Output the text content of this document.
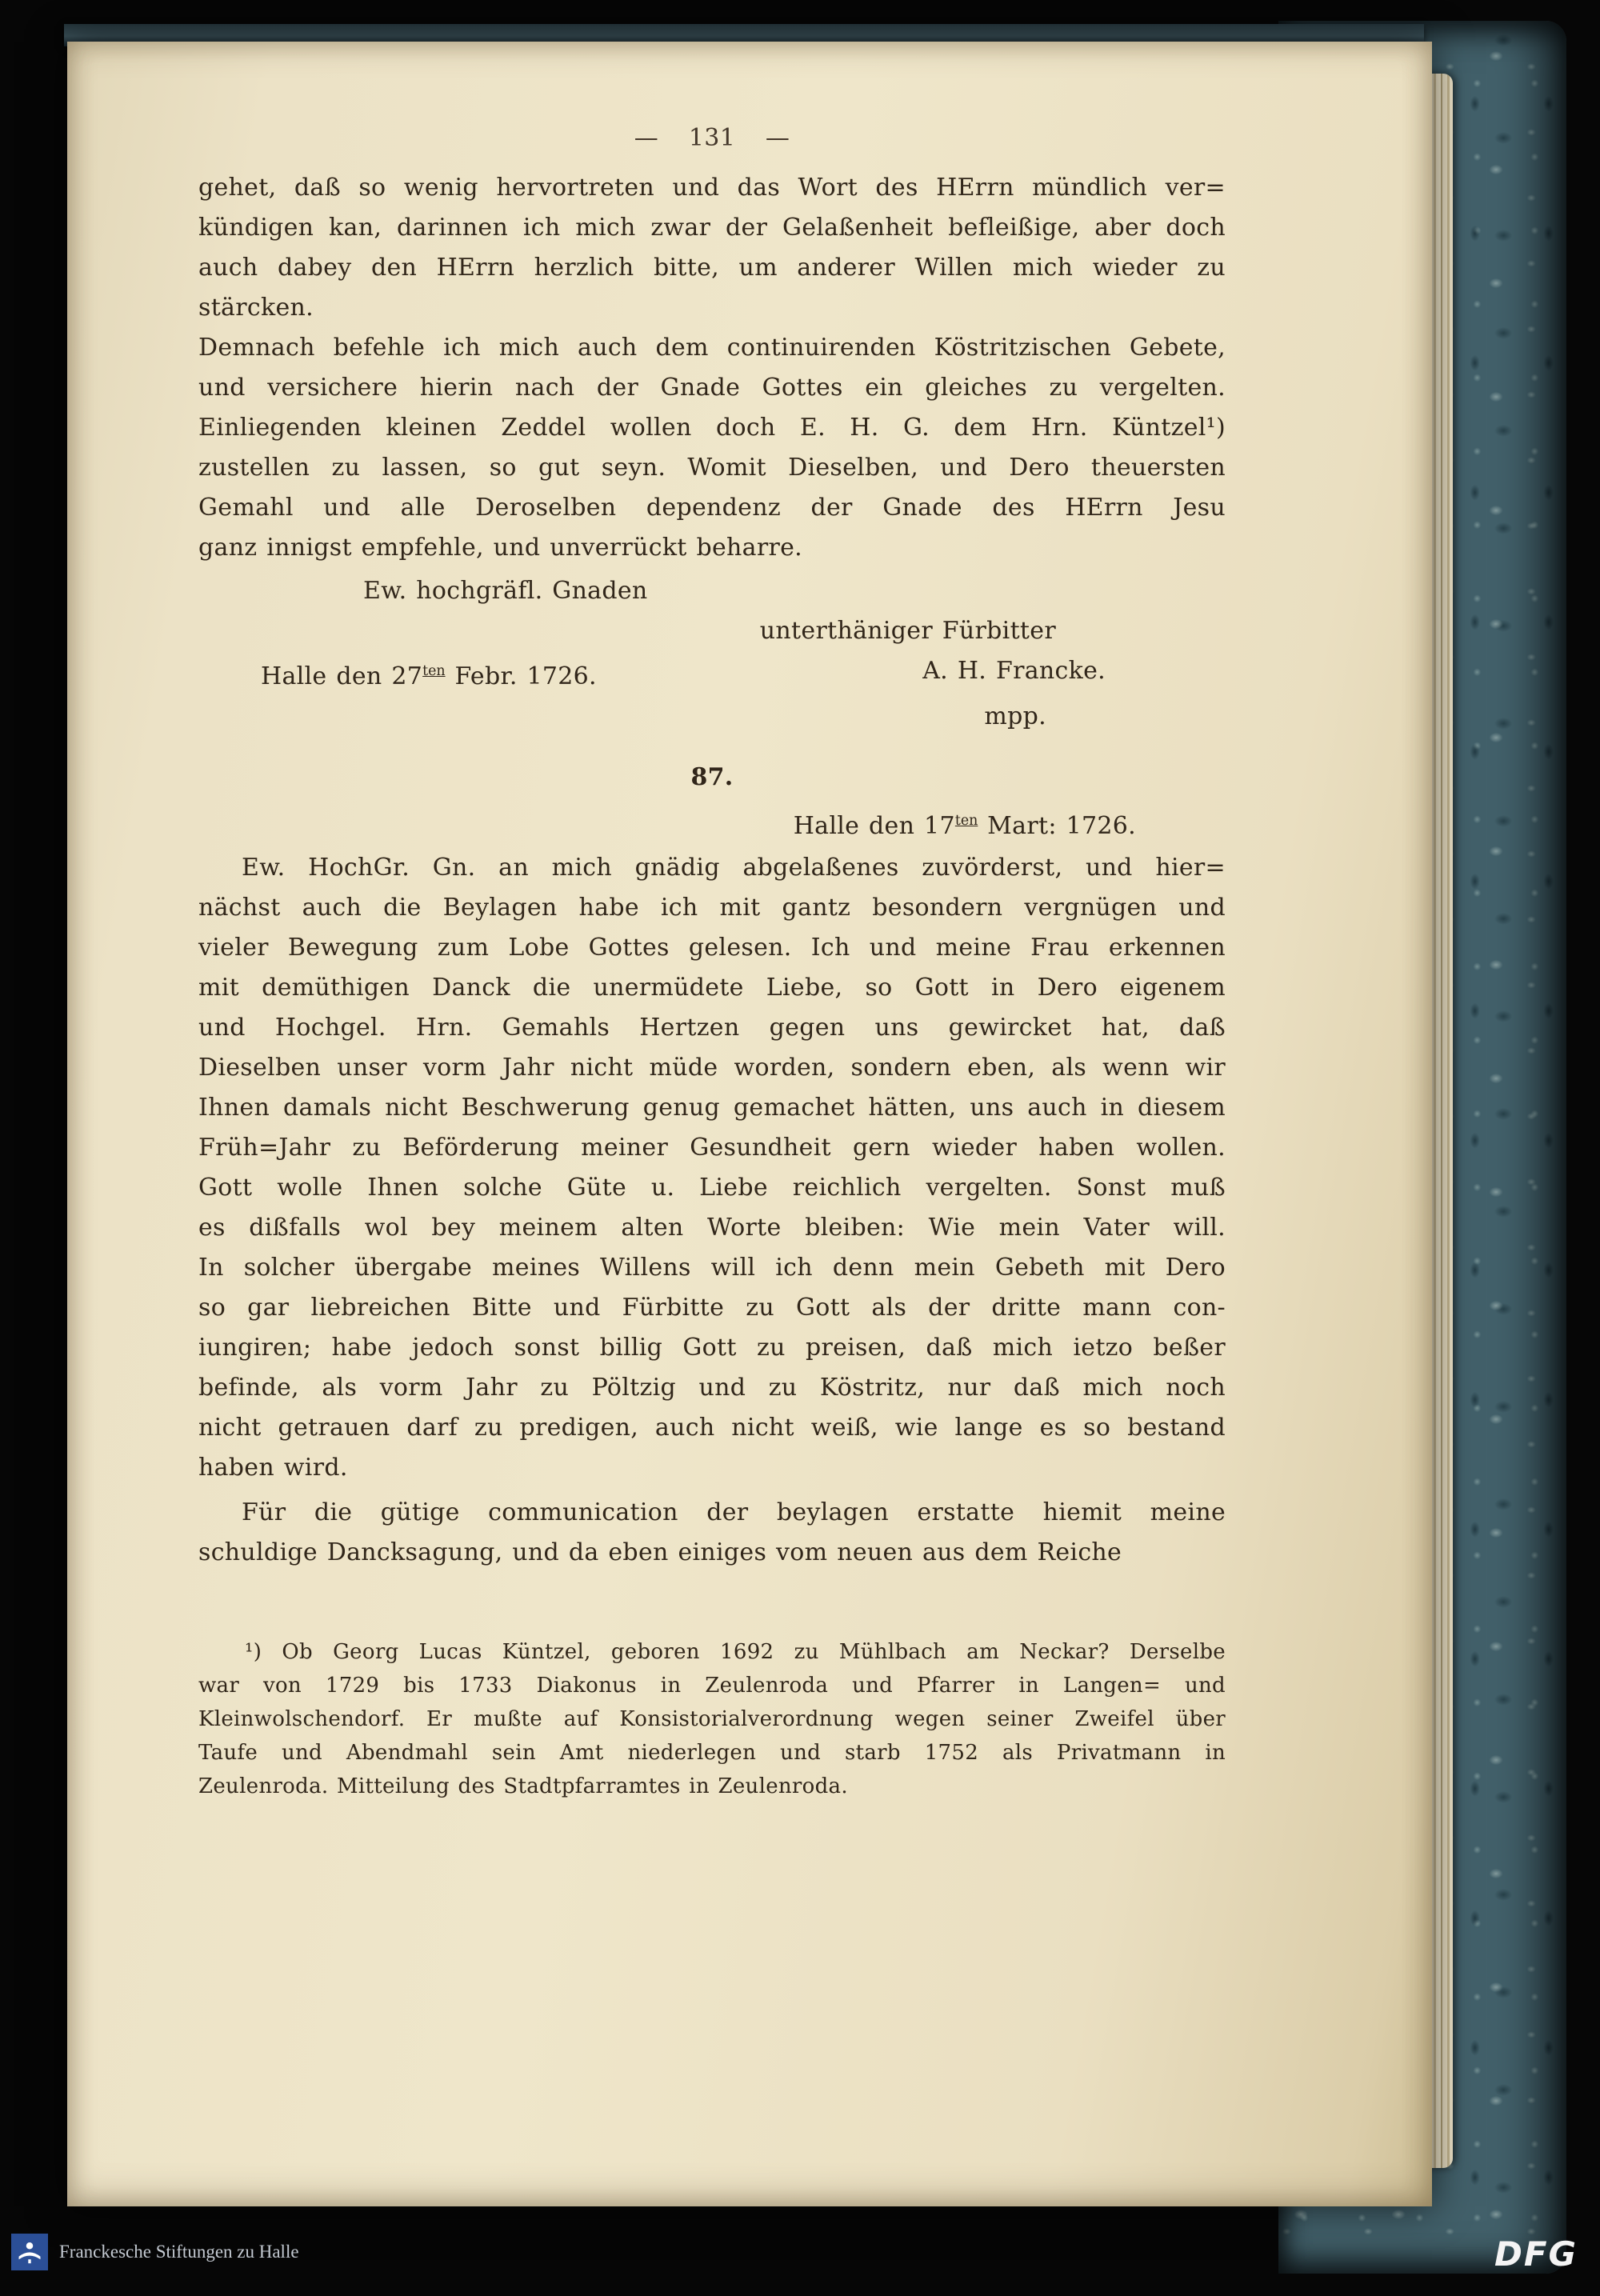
— 131 —
gehet, daß so wenig hervortreten und das Wort des HErrn mündlich ver=
kündigen kan, darinnen ich mich zwar der Gelaßenheit befleißige, aber doch
auch dabey den HErrn herzlich bitte, um anderer Willen mich wieder zu stärcken.
Demnach befehle ich mich auch dem continuirenden Köstritzischen Gebete,
und versichere hierin nach der Gnade Gottes ein gleiches zu vergelten.
Einliegenden kleinen Zeddel wollen doch E. H. G. dem Hrn. Küntzel¹)
zustellen zu lassen, so gut seyn. Womit Dieselben, und Dero theuersten
Gemahl und alle Deroselben dependenz der Gnade des HErrn Jesu
ganz innigst empfehle, und unverrückt beharre.
Ew. hochgräfl. Gnaden
unterthäniger Fürbitter
Halle den $27^{ten}$ Febr. 1726.	A. H. Francke.
mpp.
87.
Halle den $17^{ten}$ Mart: 1726.
Ew. HochGr. Gn. an mich gnädig abgelaßenes zuvörderst, und hier=
nächst auch die Beylagen habe ich mit gantz besondern vergnügen und
vieler Bewegung zum Lobe Gottes gelesen. Ich und meine Frau erkennen
mit demüthigen Danck die unermüdete Liebe, so Gott in Dero eigenem
und Hochgel. Hrn. Gemahls Hertzen gegen uns gewircket hat, daß
Dieselben unser vorm Jahr nicht müde worden, sondern eben, als wenn wir
Ihnen damals nicht Beschwerung genug gemachet hätten, uns auch in diesem
Früh=Jahr zu Beförderung meiner Gesundheit gern wieder haben wollen.
Gott wolle Ihnen solche Güte u. Liebe reichlich vergelten. Sonst muß
es dißfalls wol bey meinem alten Worte bleiben: Wie mein Vater will.
In solcher übergabe meines Willens will ich denn mein Gebeth mit Dero
so gar liebreichen Bitte und Fürbitte zu Gott als der dritte mann con-
iungiren; habe jedoch sonst billig Gott zu preisen, daß mich ietzo beßer
befinde, als vorm Jahr zu Pöltzig und zu Köstritz, nur daß mich noch
nicht getrauen darf zu predigen, auch nicht weiß, wie lange es so bestand
haben wird.
Für die gütige communication der beylagen erstatte hiemit meine
schuldige Dancksagung, und da eben einiges vom neuen aus dem Reiche
¹) Ob Georg Lucas Küntzel, geboren 1692 zu Mühlbach am Neckar? Derselbe
war von 1729 bis 1733 Diakonus in Zeulenroda und Pfarrer in Langen= und
Kleinwolschendorf. Er mußte auf Konsistorialverordnung wegen seiner Zweifel über
Taufe und Abendmahl sein Amt niederlegen und starb 1752 als Privatmann in
Zeulenroda. Mitteilung des Stadtpfarramtes in Zeulenroda.
Franckesche Stiftungen zu Halle	DFG
